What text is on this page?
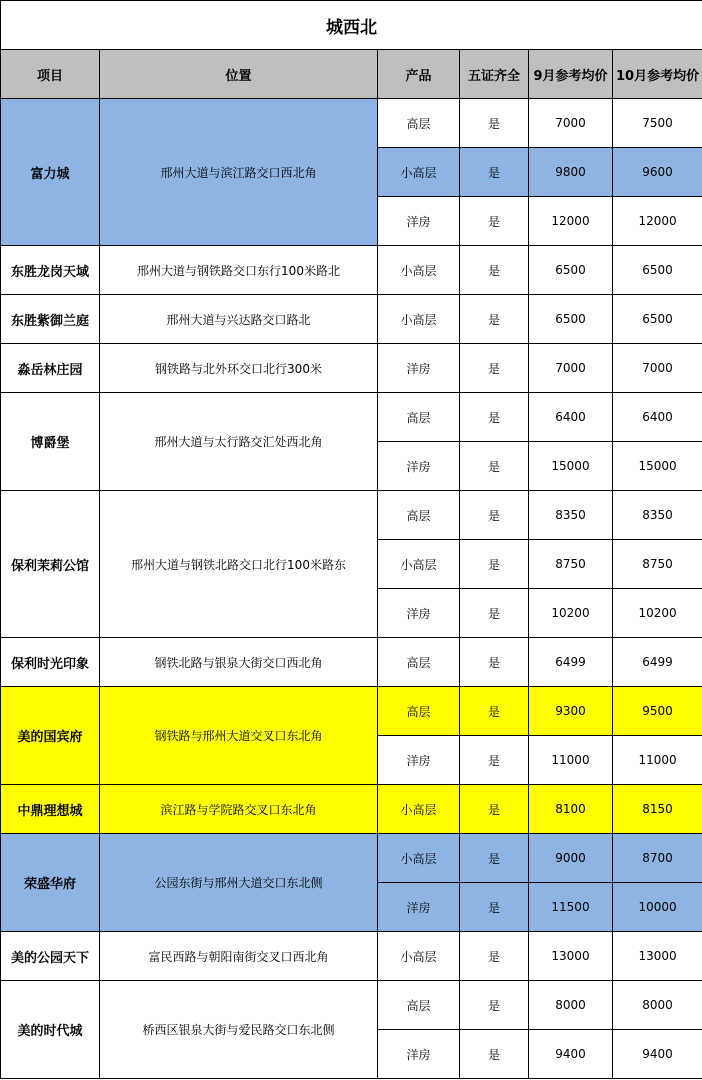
城西北					
项目	位置	产品	五证齐全	9月参考均价	10月参考均价
富力城	邢州大道与滨江路交口西北角	高层	是	7000	7500
		小高层	是	9800	9600
		洋房	是	12000	12000
东胜龙岗天域	邢州大道与钢铁路交口东行100米路北	小高层	是	6500	6500
东胜紫御兰庭	邢州大道与兴达路交口路北	小高层	是	6500	6500
淼岳林庄园	钢铁路与北外环交口北行300米	洋房	是	7000	7000
博爵堡	邢州大道与太行路交汇处西北角	高层	是	6400	6400
		洋房	是	15000	15000
保利茉莉公馆	邢州大道与钢铁北路交口北行100米路东	高层	是	8350	8350
		小高层	是	8750	8750
		洋房	是	10200	10200
保利时光印象	钢铁北路与银泉大街交口西北角	高层	是	6499	6499
美的国宾府	钢铁路与邢州大道交叉口东北角	高层	是	9300	9500
		洋房	是	11000	11000
中鼎理想城	滨江路与学院路交叉口东北角	小高层	是	8100	8150
荣盛华府	公园东街与邢州大道交口东北侧	小高层	是	9000	8700
		洋房	是	11500	10000
美的公园天下	富民西路与朝阳南街交叉口西北角	小高层	是	13000	13000
美的时代城	桥西区银泉大街与爱民路交口东北侧	高层	是	8000	8000
		洋房	是	9400	9400
